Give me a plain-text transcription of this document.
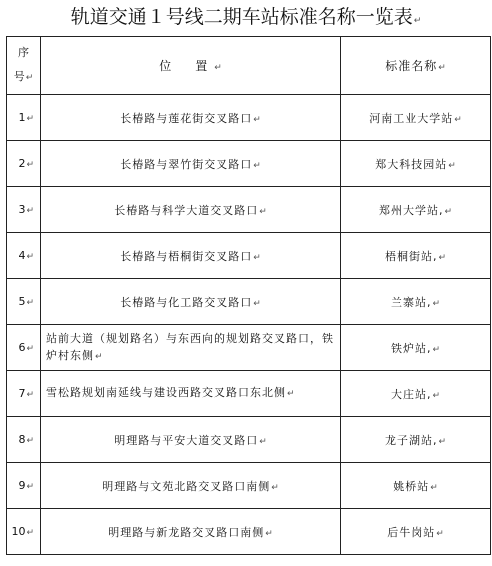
轨道交通１号线二期车站标准名称一览表↵
序
号↵	位　置↵	标准名称↵
1↵	长椿路与莲花街交叉路口↵	河南工业大学站↵
2↵	长椿路与翠竹街交叉路口↵	郑大科技园站↵
3↵	长椿路与科学大道交叉路口↵	郑州大学站,↵
4↵	长椿路与梧桐街交叉路口↵	梧桐街站,↵
5↵	长椿路与化工路交叉路口↵	兰寨站,↵
6↵	站前大道（规划路名）与东西向的规划路交叉路口，铁炉村东侧↵	铁炉站,↵
7↵	雪松路规划南延线与建设西路交叉路口东北侧↵	大庄站,↵
8↵	明理路与平安大道交叉路口↵	龙子湖站,↵
9↵	明理路与文苑北路交叉路口南侧↵	姚桥站↵
10↵	明理路与新龙路交叉路口南侧↵	后牛岗站↵
